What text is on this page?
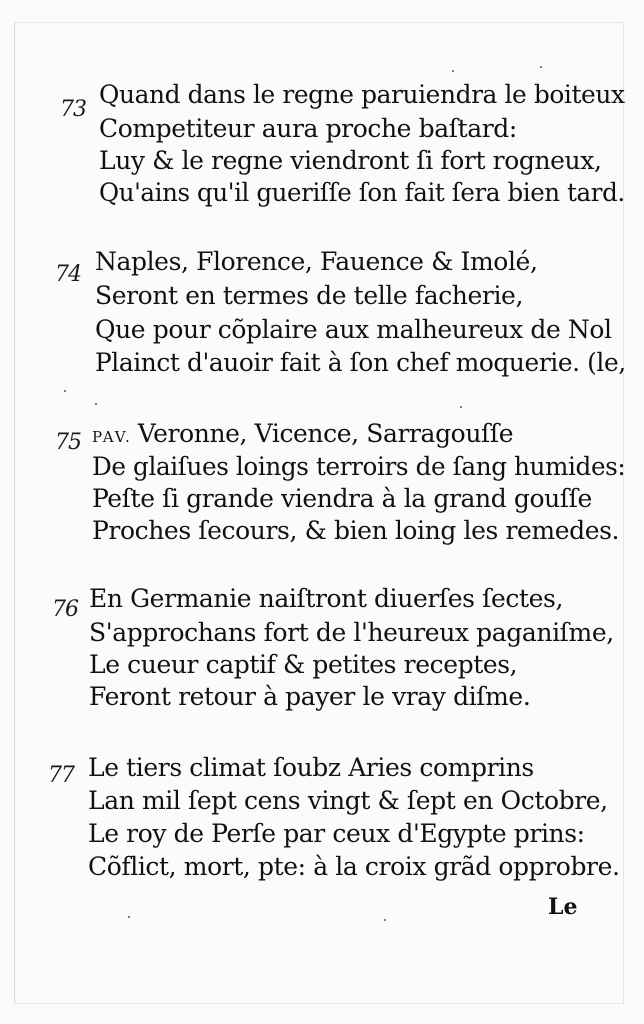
73
Quand dans le regne paruiendra le boiteux
Competiteur aura proche baſtard:
Luy & le regne viendront ſi fort rogneux,
Qu'ains qu'il gueriſſe ſon fait ſera bien tard.
74 Naples, Florence, Fauence & Imolé,
Seront en termes de telle facherie,
Que pour cõplaire aux malheureux de Nol
Plainct d'auoir fait à ſon chef moquerie. (le,
75 PAV. Veronne, Vicence, Sarragouſſe
De glaiſues loings terroirs de ſang humides:
Peſte ſi grande viendra à la grand gouſſe
Proches ſecours, & bien loing les remedes.
76 En Germanie naiſtront diuerſes ſectes,
S'approchans fort de l'heureux paganiſme,
Le cueur captif & petites receptes,
Feront retour à payer le vray diſme.
77 Le tiers climat ſoubz Aries comprins
Lan mil ſept cens vingt & ſept en Octobre,
Le roy de Perſe par ceux d'Egypte prins:
Cõflict, mort, pte: à la croix grãd opprobre.
Le
